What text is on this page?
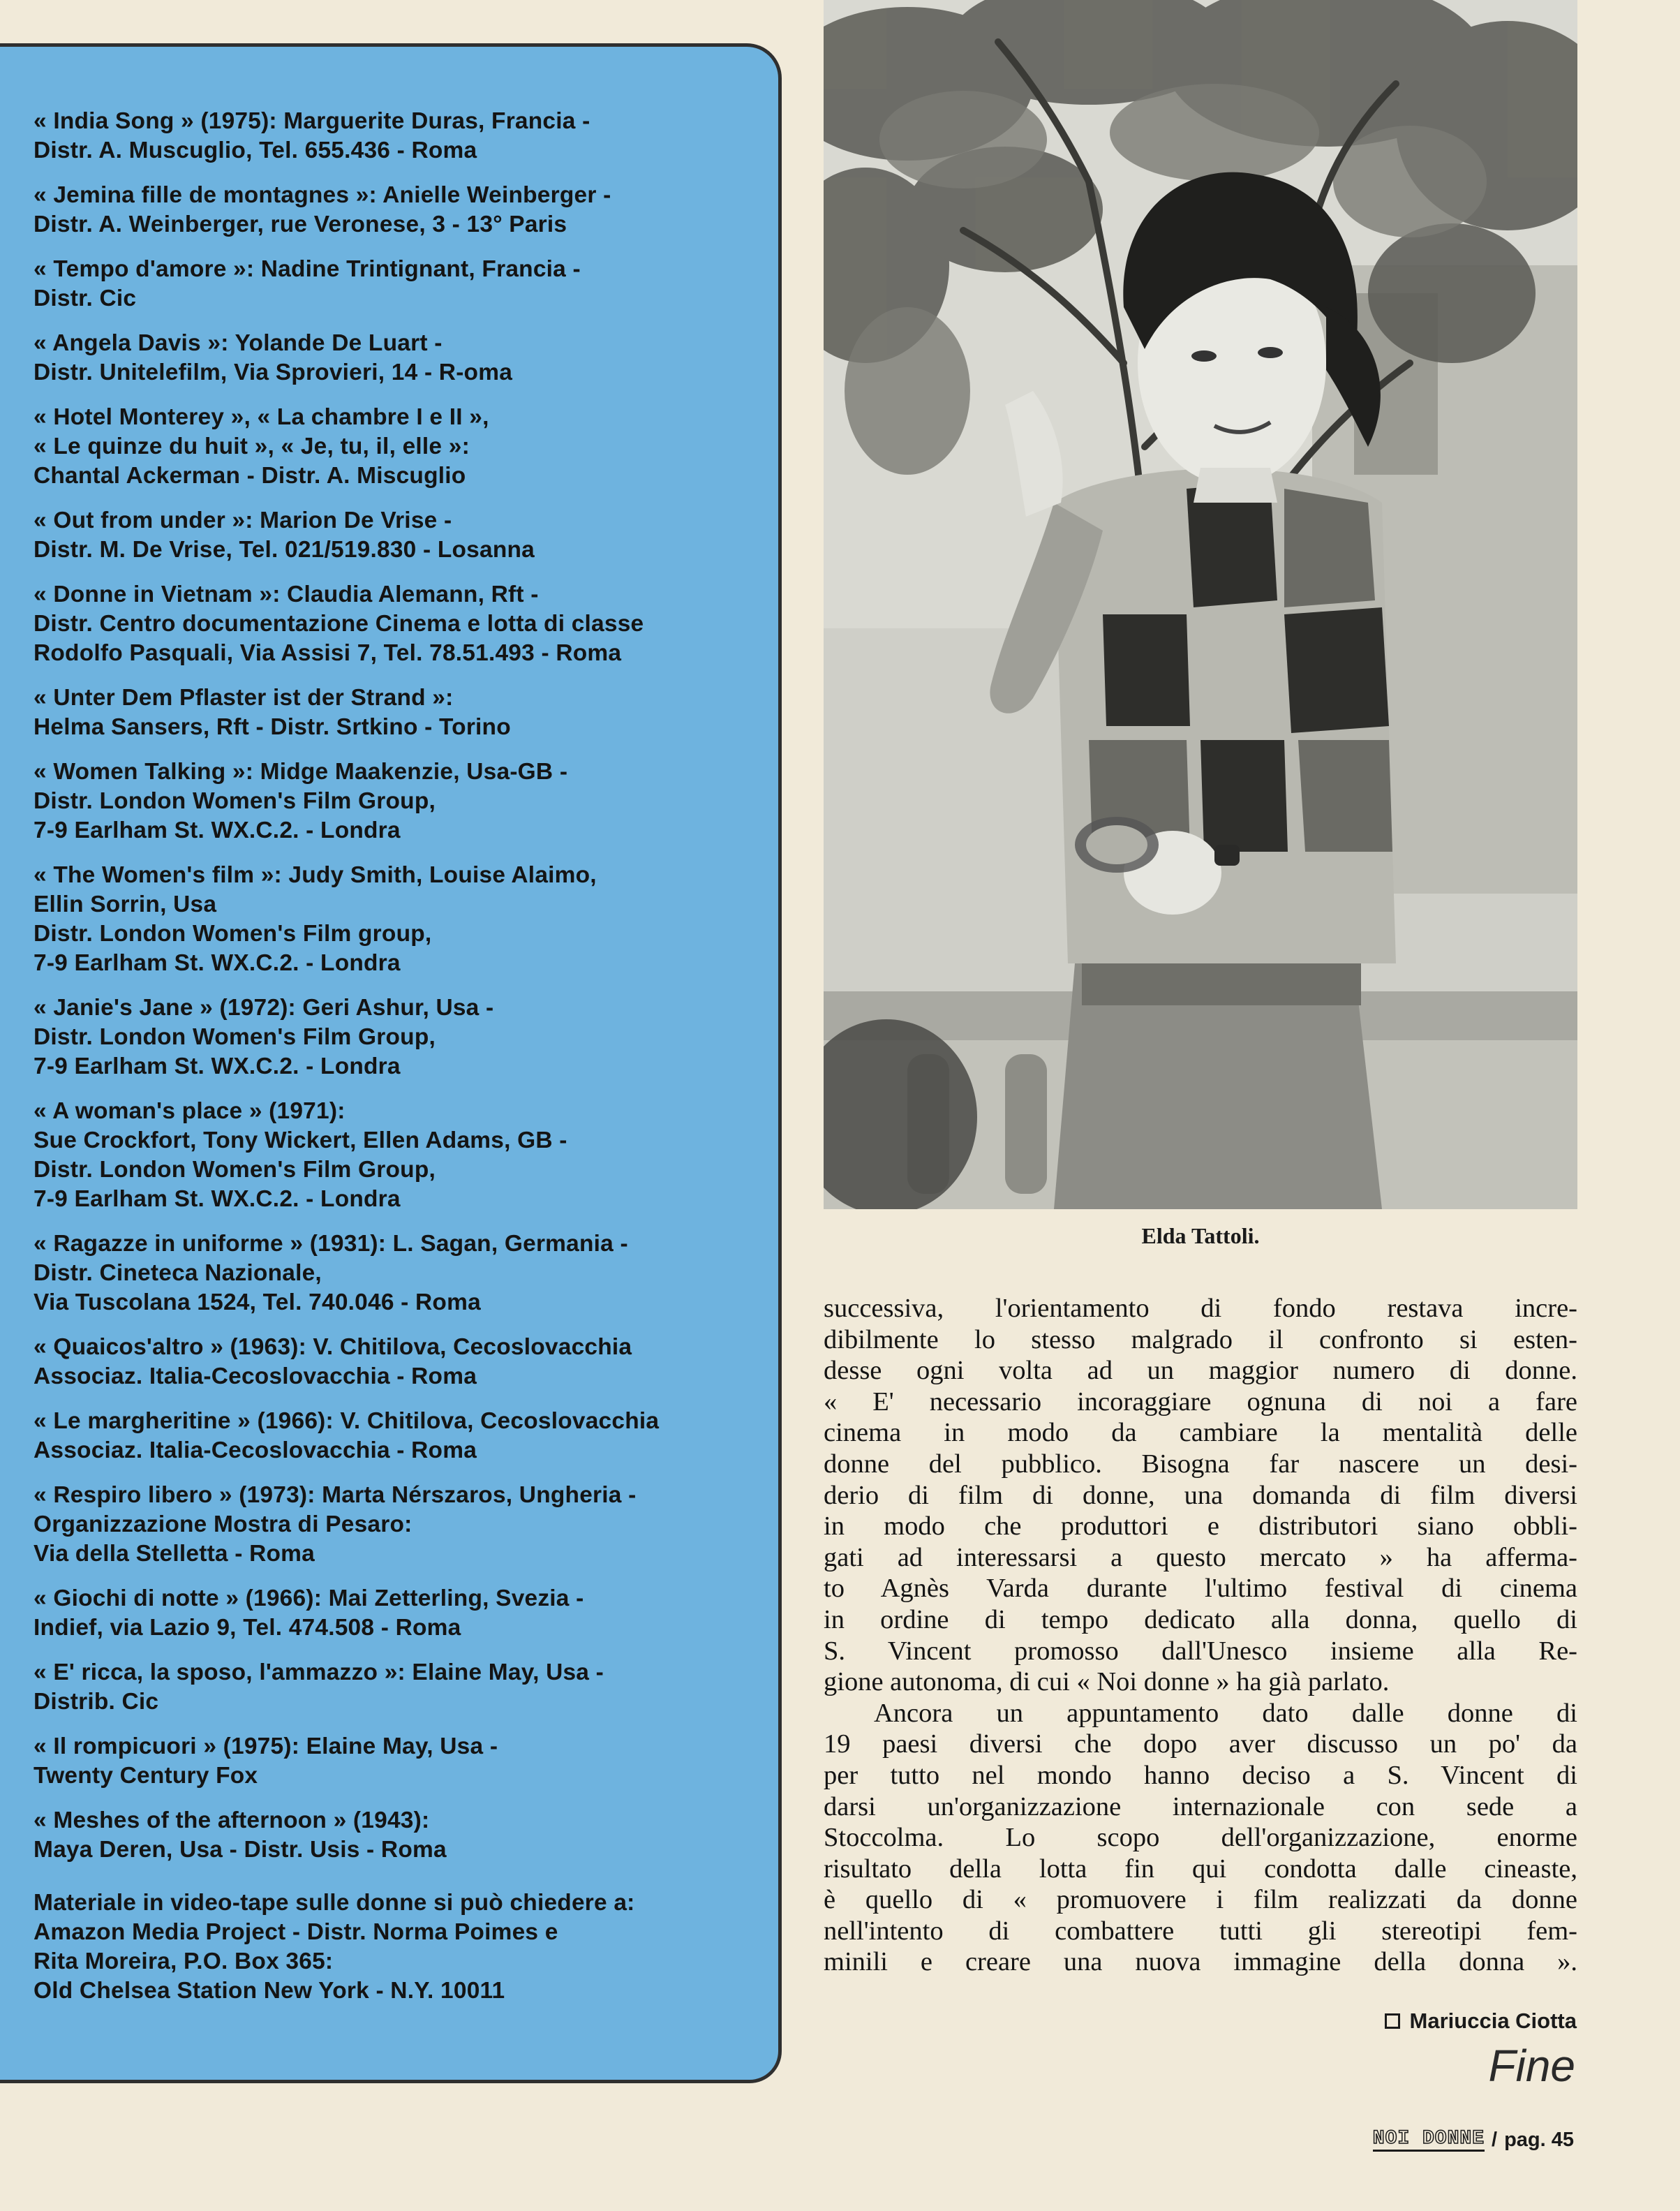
« India Song » (1975): Marguerite Duras, Francia -
Distr. A. Muscuglio, Tel. 655.436 - Roma
« Jemina fille de montagnes »: Anielle Weinberger -
Distr. A. Weinberger, rue Veronese, 3 - 13° Paris
« Tempo d'amore »: Nadine Trintignant, Francia -
Distr. Cic
« Angela Davis »: Yolande De Luart -
Distr. Unitelefilm, Via Sprovieri, 14 - R-oma
« Hotel Monterey », « La chambre I e II »,
« Le quinze du huit », « Je, tu, il, elle »:
Chantal Ackerman - Distr. A. Miscuglio
« Out from under »: Marion De Vrise -
Distr. M. De Vrise, Tel. 021/519.830 - Losanna
« Donne in Vietnam »: Claudia Alemann, Rft -
Distr. Centro documentazione Cinema e lotta di classe
Rodolfo Pasquali, Via Assisi 7, Tel. 78.51.493 - Roma
« Unter Dem Pflaster ist der Strand »:
Helma Sansers, Rft - Distr. Srtkino - Torino
« Women Talking »: Midge Maakenzie, Usa-GB -
Distr. London Women's Film Group,
7-9 Earlham St. WX.C.2. - Londra
« The Women's film »: Judy Smith, Louise Alaimo,
Ellin Sorrin, Usa
Distr. London Women's Film group,
7-9 Earlham St. WX.C.2. - Londra
« Janie's Jane » (1972): Geri Ashur, Usa -
Distr. London Women's Film Group,
7-9 Earlham St. WX.C.2. - Londra
« A woman's place » (1971):
Sue Crockfort, Tony Wickert, Ellen Adams, GB -
Distr. London Women's Film Group,
7-9 Earlham St. WX.C.2. - Londra
« Ragazze in uniforme » (1931): L. Sagan, Germania -
Distr. Cineteca Nazionale,
Via Tuscolana 1524, Tel. 740.046 - Roma
« Quaicos'altro » (1963): V. Chitilova, Cecoslovacchia
Associaz. Italia-Cecoslovacchia - Roma
« Le margheritine » (1966): V. Chitilova, Cecoslovacchia
Associaz. Italia-Cecoslovacchia - Roma
« Respiro libero » (1973): Marta Nérszaros, Ungheria -
Organizzazione Mostra di Pesaro:
Via della Stelletta - Roma
« Giochi di notte » (1966): Mai Zetterling, Svezia -
Indief, via Lazio 9, Tel. 474.508 - Roma
« E' ricca, la sposo, l'ammazzo »: Elaine May, Usa -
Distrib. Cic
« Il rompicuori » (1975): Elaine May, Usa -
Twenty Century Fox
« Meshes of the afternoon » (1943):
Maya Deren, Usa - Distr. Usis - Roma
Materiale in video-tape sulle donne si può chiedere a:
Amazon Media Project - Distr. Norma Poimes e
Rita Moreira, P.O. Box 365:
Old Chelsea Station New York - N.Y. 10011
Elda Tattoli.
successiva, l'orientamento di fondo restava incre-
dibilmente lo stesso malgrado il confronto si esten-
desse ogni volta ad un maggior numero di donne.
« E' necessario incoraggiare ognuna di noi a fare
cinema in modo da cambiare la mentalità delle
donne del pubblico. Bisogna far nascere un desi-
derio di film di donne, una domanda di film diversi
in modo che produttori e distributori siano obbli-
gati ad interessarsi a questo mercato » ha afferma-
to Agnès Varda durante l'ultimo festival di cinema
in ordine di tempo dedicato alla donna, quello di
S. Vincent promosso dall'Unesco insieme alla Re-
gione autonoma, di cui « Noi donne » ha già parlato.
Ancora un appuntamento dato dalle donne di
19 paesi diversi che dopo aver discusso un po' da
per tutto nel mondo hanno deciso a S. Vincent di
darsi un'organizzazione internazionale con sede a
Stoccolma. Lo scopo dell'organizzazione, enorme
risultato della lotta fin qui condotta dalle cineaste,
è quello di « promuovere i film realizzati da donne
nell'intento di combattere tutti gli stereotipi fem-
minili e creare una nuova immagine della donna ».
Mariuccia Ciotta
Fine
NOI DONNE / pag. 45
